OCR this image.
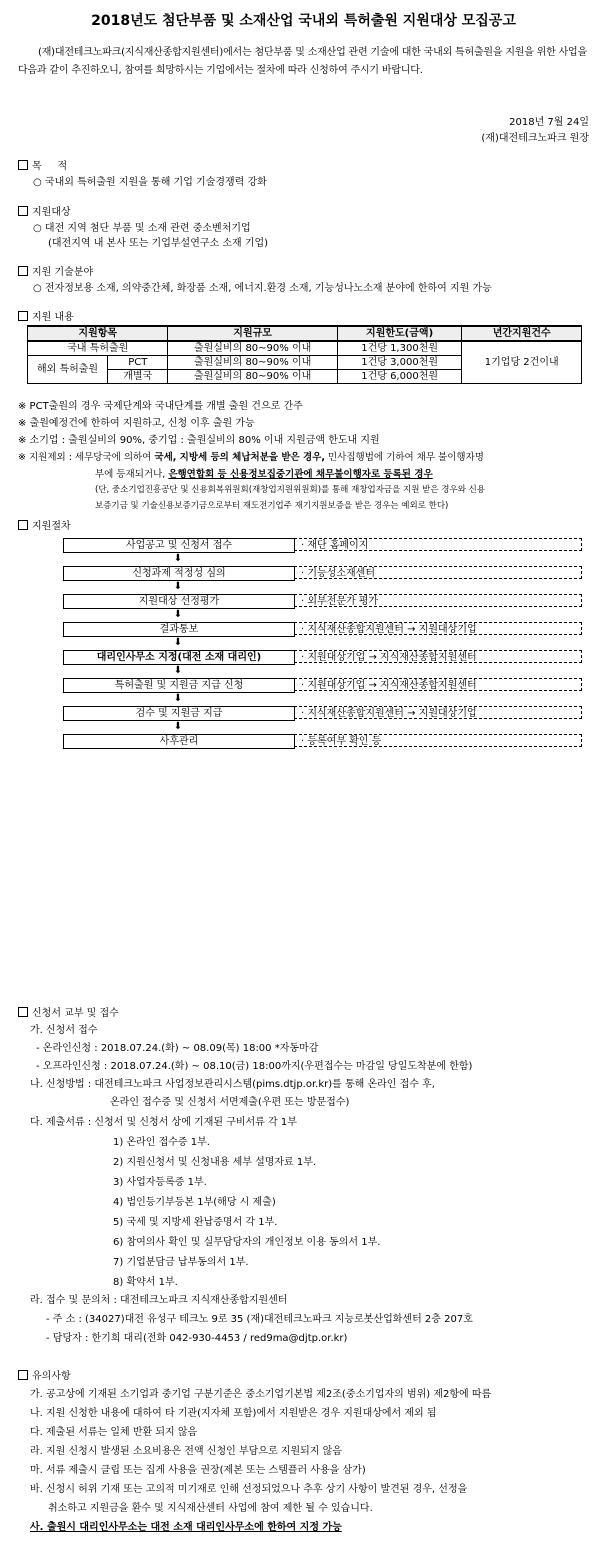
2018년도 첨단부품 및 소재산업 국내외 특허출원 지원대상 모집공고
(재)대전테크노파크(지식재산종합지원센터)에서는 첨단부품 및 소재산업 관련 기술에 대한 국내외 특허출원을 지원을 위한 사업을 다음과 같이 추진하오니, 참여를 희망하시는 기업에서는 절차에 따라 신청하여 주시기 바랍니다.
2018년 7월 24일
(재)대전테크노파크 원장
목     적
○ 국내외 특허출원 지원을 통해 기업 기술경쟁력 강화
지원대상
○ 대전 지역 첨단 부품 및 소재 관련 중소벤처기업
(대전지역 내 본사 또는 기업부설연구소 소재 기업)
지원 기술분야
○ 전자정보용 소재, 의약중간체, 화장품 소재, 에너지.환경 소재, 기능성나노소재 분야에 한하여 지원 가능
지원 내용
지원항목		지원규모	지원한도(금액)	년간지원건수
국내 특허출원		출원실비의 80~90% 이내	1건당 1,300천원	1기업당 2건이내
해외 특허출원	PCT	출원실비의 80~90% 이내	1건당 3,000천원	
	개별국	출원실비의 80~90% 이내	1건당 6,000천원	
※ PCT출원의 경우 국제단계와 국내단계를 개별 출원 건으로 간주
※ 출원예정건에 한하여 지원하고, 신청 이후 출원 가능
※ 소기업 : 출원실비의 90%, 중기업 : 출원실비의 80% 이내 지원금액 한도내 지원
※ 지원제외 : 세무당국에 의하여 국세, 지방세 등의 체납처분을 받은 경우, 민사집행법에 기하여 채무 불이행자명
부에 등재되거나, 은행연합회 등 신용정보집중기관에 채무불이행자로 등록된 경우
(단, 중소기업진흥공단 및 신용회복위원회(재창업지원위원회)를 통해 재창업자금을 지원 받은 경우와 신용
보증기금 및 기술신용보증기금으로부터 재도전기업주 재기지원보증을 받은 경우는 예외로 한다)
지원절차
사업공고 및 신청서 접수	· 재단 홈페이지
⬇
신청과제 적정성 심의	· 기능성소재센터
⬇
지원대상 선정평가	· 외부전문가 평가
⬇
결과통보	· 지식재산종합지원센터 → 지원대상기업
⬇
대리인사무소 지정(대전 소재 대리인)	· 지원대상기업 → 지식재산종합지원센터
⬇
특허출원 및 지원금 지급 신청	· 지원대상기업 → 지식재산종합지원센터
⬇
검수 및 지원금 지급	· 지식재산종합지원센터 → 지원대상기업
⬇
사후관리	· 등록여부 확인 등
신청서 교부 및 접수
가. 신청서 접수
- 온라인신청 : 2018.07.24.(화) ~ 08.09(목) 18:00 *자동마감
- 오프라인신청 : 2018.07.24.(화) ~ 08.10(금) 18:00까지(우편접수는 마감일 당일도착분에 한함)
나. 신청방법 : 대전테크노파크 사업정보관리시스템(pims.dtjp.or.kr)를 통해 온라인 접수 후,
온라인 접수증 및 신청서 서면제출(우편 또는 방문접수)
다. 제출서류 : 신청서 및 신청서 상에 기재된 구비서류 각 1부
1) 온라인 접수증 1부.
2) 지원신청서 및 신청내용 세부 설명자료 1부.
3) 사업자등록증 1부.
4) 법인등기부등본 1부(해당 시 제출)
5) 국세 및 지방세 완납증명서 각 1부.
6) 참여의사 확인 및 실무담당자의 개인정보 이용 동의서 1부.
7) 기업분담금 납부동의서 1부.
8) 확약서 1부.
라. 접수 및 문의처 : 대전테크노파크 지식재산종합지원센터
- 주 소 : (34027)대전 유성구 테크노 9로 35 (재)대전테크노파크 지능로봇산업화센터 2층 207호
- 담당자 : 한기희 대리(전화 042-930-4453 / red9ma@djtp.or.kr)
유의사항
가. 공고상에 기재된 소기업과 중기업 구분기준은 중소기업기본법 제2조(중소기업자의 범위) 제2항에 따름
나. 지원 신청한 내용에 대하여 타 기관(지자체 포함)에서 지원받은 경우 지원대상에서 제외 됨
다. 제출된 서류는 일체 반환 되지 않음
라. 지원 신청시 발생된 소요비용은 전액 신청인 부담으로 지원되지 않음
마. 서류 제출시 클립 또는 집게 사용을 권장(제본 또는 스템플러 사용을 삼가)
바. 신청시 허위 기재 또는 고의적 미기재로 인해 선정되었으나 추후 상기 사항이 발견된 경우, 선정을
취소하고 지원금을 환수 및 지식재산센터 사업에 참여 제한 될 수 있습니다.
사. 출원시 대리인사무소는 대전 소재 대리인사무소에 한하여 지정 가능
